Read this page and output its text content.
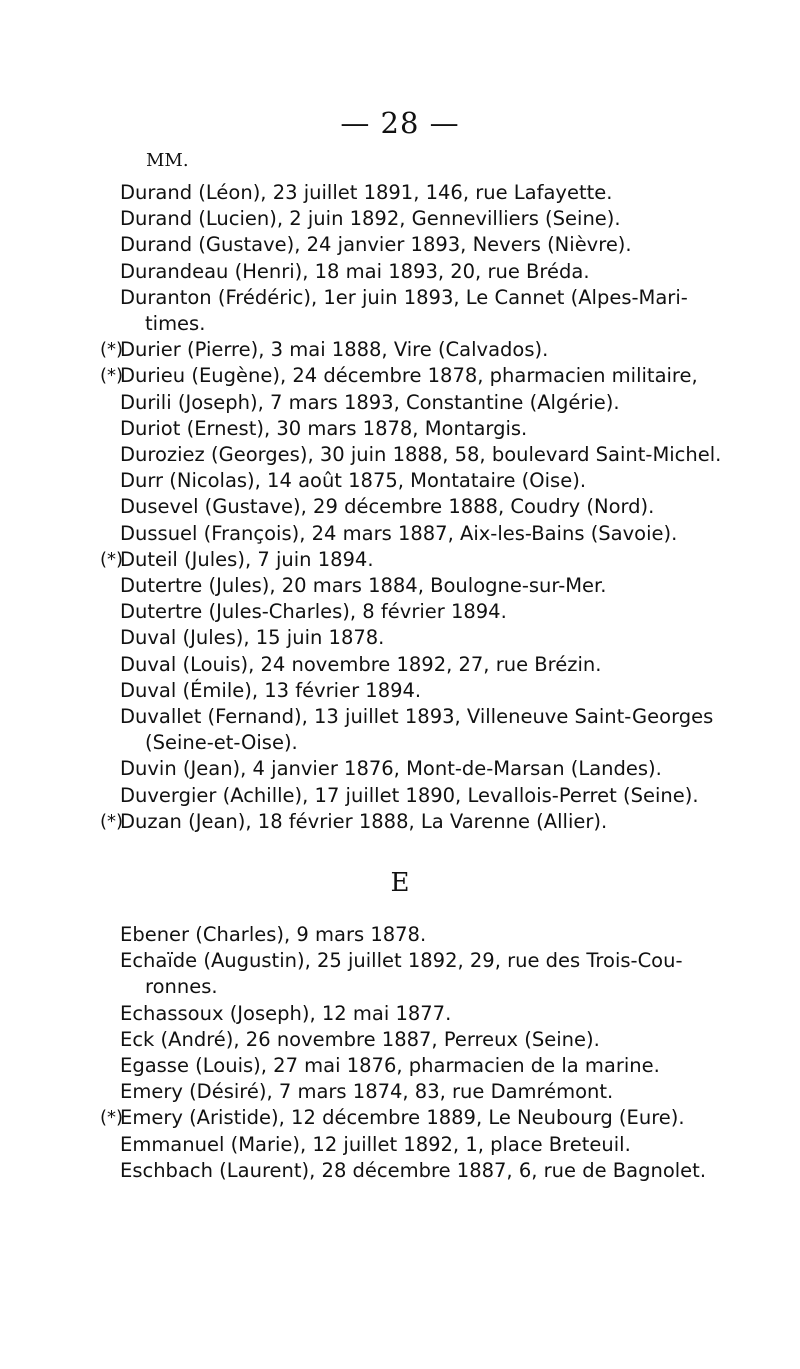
— 28 —
MM.
Durand (Léon), 23 juillet 1891, 146, rue Lafayette.
Durand (Lucien), 2 juin 1892, Gennevilliers (Seine).
Durand (Gustave), 24 janvier 1893, Nevers (Nièvre).
Durandeau (Henri), 18 mai 1893, 20, rue Bréda.
Duranton (Frédéric), 1er juin 1893, Le Cannet (Alpes-Mari-
times.
(*)
Durier (Pierre), 3 mai 1888, Vire (Calvados).
(*)
Durieu (Eugène), 24 décembre 1878, pharmacien militaire,
Durili (Joseph), 7 mars 1893, Constantine (Algérie).
Duriot (Ernest), 30 mars 1878, Montargis.
Duroziez (Georges), 30 juin 1888, 58, boulevard Saint-Michel.
Durr (Nicolas), 14 août 1875, Montataire (Oise).
Dusevel (Gustave), 29 décembre 1888, Coudry (Nord).
Dussuel (François), 24 mars 1887, Aix-les-Bains (Savoie).
(*)
Duteil (Jules), 7 juin 1894.
Dutertre (Jules), 20 mars 1884, Boulogne-sur-Mer.
Dutertre (Jules-Charles), 8 février 1894.
Duval (Jules), 15 juin 1878.
Duval (Louis), 24 novembre 1892, 27, rue Brézin.
Duval (Émile), 13 février 1894.
Duvallet (Fernand), 13 juillet 1893, Villeneuve Saint-Georges
(Seine-et-Oise).
Duvin (Jean), 4 janvier 1876, Mont-de-Marsan (Landes).
Duvergier (Achille), 17 juillet 1890, Levallois-Perret (Seine).
(*)
Duzan (Jean), 18 février 1888, La Varenne (Allier).
E
Ebener (Charles), 9 mars 1878.
Echaïde (Augustin), 25 juillet 1892, 29, rue des Trois-Cou-
ronnes.
Echassoux (Joseph), 12 mai 1877.
Eck (André), 26 novembre 1887, Perreux (Seine).
Egasse (Louis), 27 mai 1876, pharmacien de la marine.
Emery (Désiré), 7 mars 1874, 83, rue Damrémont.
(*)
Emery (Aristide), 12 décembre 1889, Le Neubourg (Eure).
Emmanuel (Marie), 12 juillet 1892, 1, place Breteuil.
Eschbach (Laurent), 28 décembre 1887, 6, rue de Bagnolet.
